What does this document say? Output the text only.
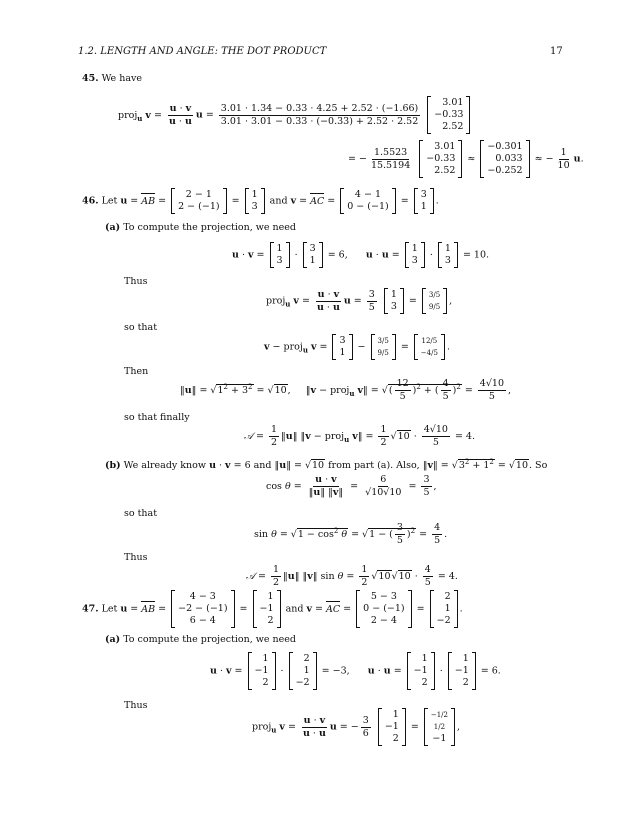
1.2. LENGTH AND ANGLE: THE DOT PRODUCT	17
45. We have
proj$_u$ $v = \frac{u \cdot v}{u \cdot u}$ $u = \frac{3.01 \cdot 1.34 - 0.33 \cdot 4.25 + 2.52 \cdot (-1.66)}{3.01 \cdot 3.01 - 0.33 \cdot (-0.33) + 2.52 \cdot 2.52}$
	3.01
−0.33
2.52
= − $\frac{1.5523}{15.5194}$
	3.01
−0.33
2.52
≈
−0.301
0.033
−0.252
≈ − $\frac{1}{10} u$.
46. Let u = AB =
2 − 1
2 − (−1) =
1
3 and v = AC =
4 − 1
0 − (−1) =
3
1 .
(a) To compute the projection, we need
u · v =
1
3 ·
3
1 = 6,      u · u =
1
3 ·
1
3 = 10.
Thus
proj$_u$ $v = \frac{u \cdot v}{u \cdot u}$ $u = \frac{3}{5}$
1
3 =
3/5
9/5
,
so that
v − proj$_u$ v =
3
1 −
3/5
9/5
=
12/5
−4/5
.
Then
‖u‖ = $√1^2 + 3^2 = √10$,     ‖v − proj$_u$ v‖ = √( $\frac{12}{5} )^2$ + ( $\frac{4}{5} )^2 = \frac{4√10}{5}$ ,
so that finally
𝒜 = $\frac{1}{2}$ ‖u‖ ‖v − proj$_u$ v‖ = $\frac{1}{2} √10 \cdot \frac{4√10}{5} = 4$.
(b) We already know u · v = 6 and ‖u‖ = √10 from part (a). Also, ‖v‖ = $√3^2 + 1^2 = √10$. So
$\cos \theta = \frac{u \cdot v}{‖u‖ ‖v‖} = \frac{6}{√10√10} = \frac{3}{5}$ ,
so that
$\sin \theta = √1 - \cos^2 \theta = √1$ − ( $\frac{3}{5} )^2 = \frac{4}{5}$ .
Thus
𝒜 = $\frac{1}{2}$ ‖u‖ ‖v‖ $\sin \theta = \frac{1}{2} √10√10 \cdot \frac{4}{5} = 4$.
47. Let u = AB =
4 − 3
−2 − (−1)
6 − 4
=
1
−1
2
and v = AC =
5 − 3
0 − (−1)
2 − 4
=
2
1
−2
.
(a) To compute the projection, we need
u · v =
1
−1
2
·
2
1
−2
= −3,      u · u =
1
−1
2
·
1
−1
2
= 6.
Thus
proj$_u$ $v = \frac{u \cdot v}{u \cdot u}$ u = − $\frac{3}{6}$
	1
−1
2
=
−1/2
1/2
−1
,
